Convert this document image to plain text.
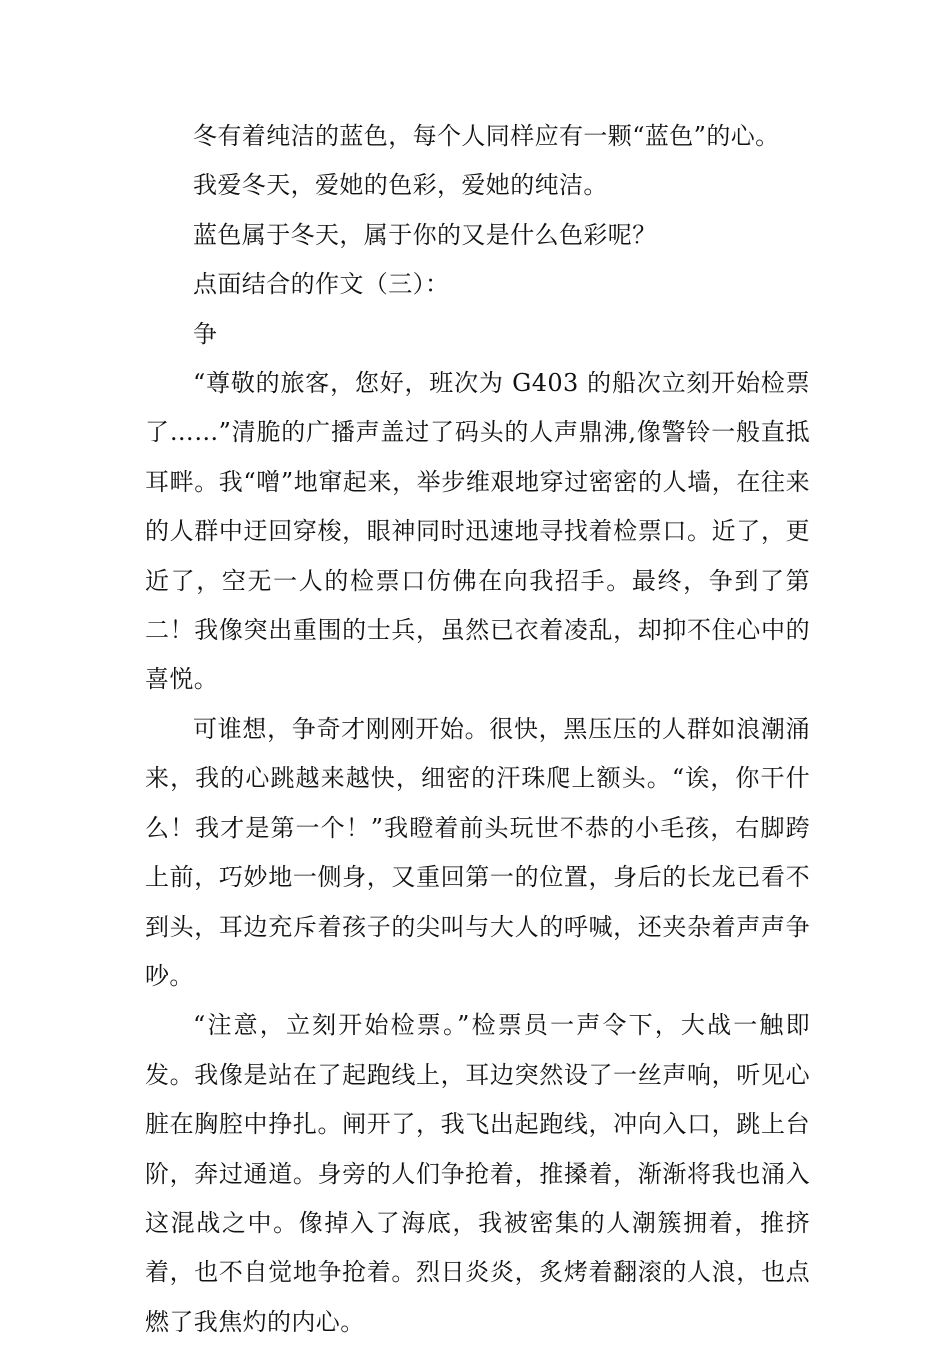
冬有着纯洁的蓝色，每个人同样应有一颗“蓝色”的心。

我爱冬天，爱她的色彩，爱她的纯洁。

蓝色属于冬天，属于你的又是什么色彩呢？

点面结合的作文（三）：

争

“尊敬的旅客，您好，班次为 G403 的船次立刻开始检票了……”清脆的广播声盖过了码头的人声鼎沸,像警铃一般直抵耳畔。我“噌”地窜起来，举步维艰地穿过密密的人墙，在往来的人群中迂回穿梭，眼神同时迅速地寻找着检票口。近了，更近了，空无一人的检票口仿佛在向我招手。最终，争到了第二！我像突出重围的士兵，虽然已衣着凌乱，却抑不住心中的喜悦。

可谁想，争奇才刚刚开始。很快，黑压压的人群如浪潮涌来，我的心跳越来越快，细密的汗珠爬上额头。“诶，你干什么！我才是第一个！”我瞪着前头玩世不恭的小毛孩，右脚跨上前，巧妙地一侧身，又重回第一的位置，身后的长龙已看不到头，耳边充斥着孩子的尖叫与大人的呼喊，还夹杂着声声争吵。

“注意，立刻开始检票。”检票员一声令下，大战一触即发。我像是站在了起跑线上，耳边突然设了一丝声响，听见心脏在胸腔中挣扎。闸开了，我飞出起跑线，冲向入口，跳上台阶，奔过通道。身旁的人们争抢着，推搡着，渐渐将我也涌入这混战之中。像掉入了海底，我被密集的人潮簇拥着，推挤着，也不自觉地争抢着。烈日炎炎，炙烤着翻滚的人浪，也点燃了我焦灼的内心。
